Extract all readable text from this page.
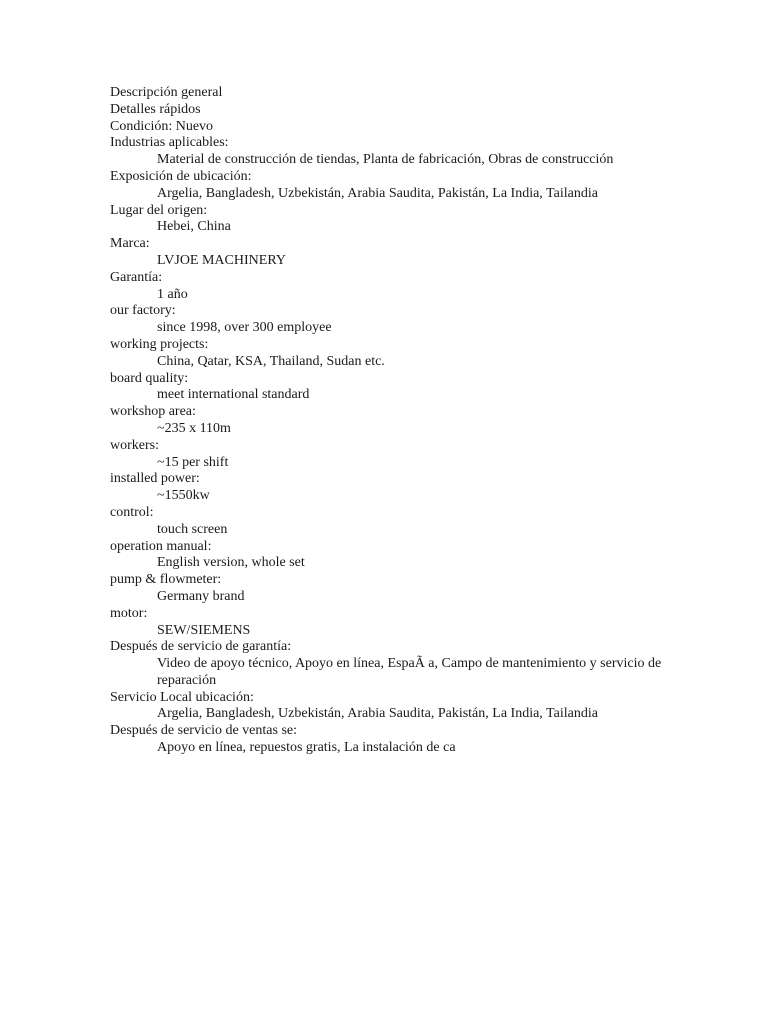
Descripción general
Detalles rápidos
Condición: Nuevo
Industrias aplicables:
Material de construcción de tiendas, Planta de fabricación, Obras de construcción
Exposición de ubicación:
Argelia, Bangladesh, Uzbekistán, Arabia Saudita, Pakistán, La India, Tailandia
Lugar del origen:
Hebei, China
Marca:
LVJOE MACHINERY
Garantía:
1 año
our factory:
since 1998, over 300 employee
working projects:
China, Qatar, KSA, Thailand, Sudan etc.
board quality:
meet international standard
workshop area:
~235 x 110m
workers:
~15 per shift
installed power:
~1550kw
control:
touch screen
operation manual:
English version, whole set
pump & flowmeter:
Germany brand
motor:
SEW/SIEMENS
Después de servicio de garantía:
Video de apoyo técnico, Apoyo en línea, EspaÃ a, Campo de mantenimiento y servicio de reparación
Servicio Local ubicación:
Argelia, Bangladesh, Uzbekistán, Arabia Saudita, Pakistán, La India, Tailandia
Después de servicio de ventas se:
Apoyo en línea, repuestos gratis, La instalación de ca
